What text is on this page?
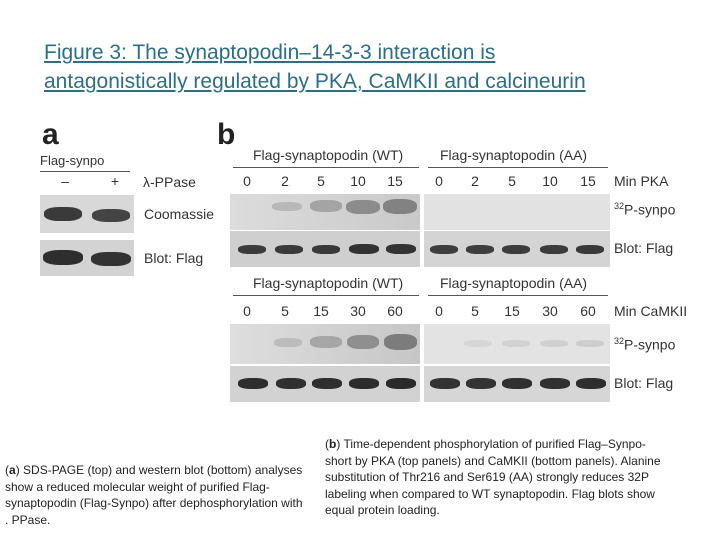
Figure 3: The synaptopodin–14-3-3 interaction is
antagonistically regulated by PKA, CaMKII and calcineurin
a
Flag-synpo
–	+	λ-PPase
Coomassie
Blot: Flag
b
Flag-synaptopodin (WT)	Flag-synaptopodin (AA)
0	2	5	10	15	0	2	5	10	15	Min PKA
$^{32}$P-synpo
Blot: Flag
Flag-synaptopodin (WT)	Flag-synaptopodin (AA)
0	5	15	30	60	0	5	15	30	60	Min CaMKII
$^{32}$P-synpo
Blot: Flag
(a) SDS-PAGE (top) and western blot (bottom) analyses show a reduced molecular weight of purified Flag-synaptopodin (Flag-Synpo) after dephosphorylation with . PPase.
(b) Time-dependent phosphorylation of purified Flag–Synpo-short by PKA (top panels) and CaMKII (bottom panels). Alanine substitution of Thr216 and Ser619 (AA) strongly reduces 32P labeling when compared to WT synaptopodin. Flag blots show equal protein loading.
